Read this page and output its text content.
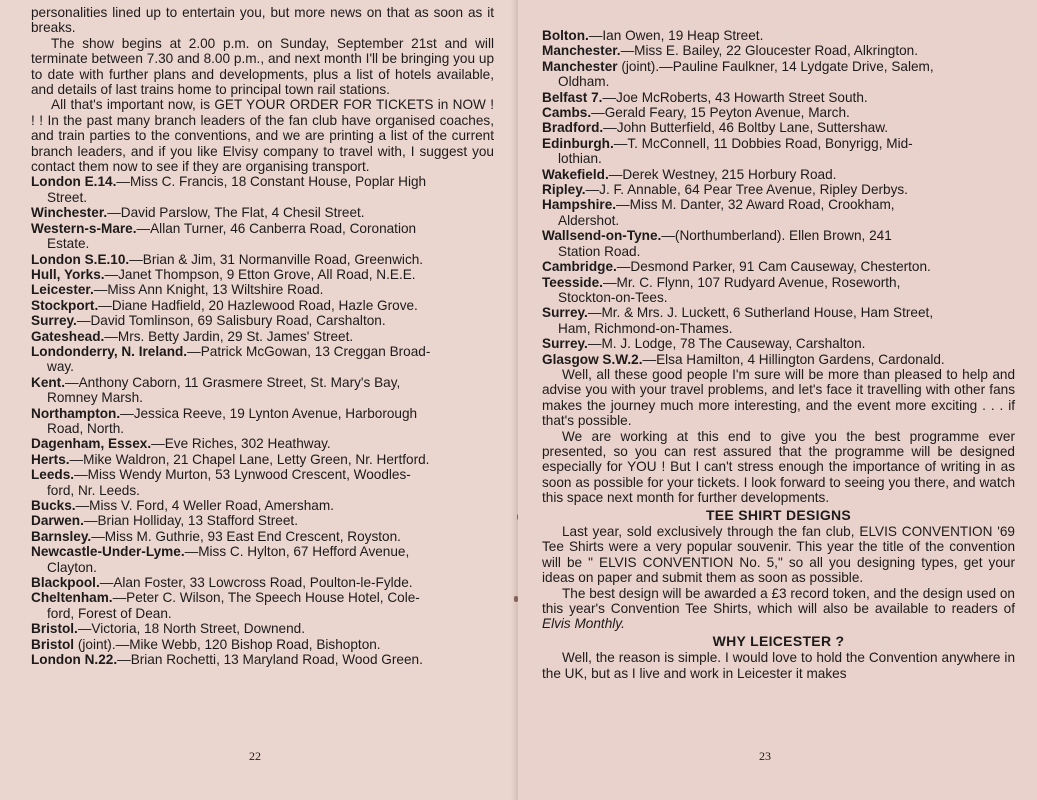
personalities lined up to entertain you, but more news on that as soon as it breaks.

The show begins at 2.00 p.m. on Sunday, September 21st and will terminate between 7.30 and 8.00 p.m., and next month I'll be bringing you up to date with further plans and developments, plus a list of hotels available, and details of last trains home to principal town rail stations.

All that's important now, is GET YOUR ORDER FOR TICKETS in NOW ! ! ! In the past many branch leaders of the fan club have organised coaches, and train parties to the conventions, and we are printing a list of the current branch leaders, and if you like Elvisy company to travel with, I suggest you contact them now to see if they are organising transport.

London E.14.—Miss C. Francis, 18 Constant House, Poplar High
Street.

Winchester.—David Parslow, The Flat, 4 Chesil Street.

Western-s-Mare.—Allan Turner, 46 Canberra Road, Coronation
Estate.

London S.E.10.—Brian & Jim, 31 Normanville Road, Greenwich.

Hull, Yorks.—Janet Thompson, 9 Etton Grove, All Road, N.E.E.

Leicester.—Miss Ann Knight, 13 Wiltshire Road.

Stockport.—Diane Hadfield, 20 Hazlewood Road, Hazle Grove.

Surrey.—David Tomlinson, 69 Salisbury Road, Carshalton.

Gateshead.—Mrs. Betty Jardin, 29 St. James' Street.

Londonderry, N. Ireland.—Patrick McGowan, 13 Creggan Broad-
way.

Kent.—Anthony Caborn, 11 Grasmere Street, St. Mary's Bay,
Romney Marsh.

Northampton.—Jessica Reeve, 19 Lynton Avenue, Harborough
Road, North.

Dagenham, Essex.—Eve Riches, 302 Heathway.

Herts.—Mike Waldron, 21 Chapel Lane, Letty Green, Nr. Hertford.

Leeds.—Miss Wendy Murton, 53 Lynwood Crescent, Woodles-
ford, Nr. Leeds.

Bucks.—Miss V. Ford, 4 Weller Road, Amersham.

Darwen.—Brian Holliday, 13 Stafford Street.

Barnsley.—Miss M. Guthrie, 93 East End Crescent, Royston.

Newcastle-Under-Lyme.—Miss C. Hylton, 67 Hefford Avenue,
Clayton.

Blackpool.—Alan Foster, 33 Lowcross Road, Poulton-le-Fylde.

Cheltenham.—Peter C. Wilson, The Speech House Hotel, Cole-
ford, Forest of Dean.

Bristol.—Victoria, 18 North Street, Downend.

Bristol (joint).—Mike Webb, 120 Bishop Road, Bishopton.

London N.22.—Brian Rochetti, 13 Maryland Road, Wood Green.

22

Bolton.—Ian Owen, 19 Heap Street.

Manchester.—Miss E. Bailey, 22 Gloucester Road, Alkrington.

Manchester (joint).—Pauline Faulkner, 14 Lydgate Drive, Salem,
Oldham.

Belfast 7.—Joe McRoberts, 43 Howarth Street South.

Cambs.—Gerald Feary, 15 Peyton Avenue, March.

Bradford.—John Butterfield, 46 Boltby Lane, Suttershaw.

Edinburgh.—T. McConnell, 11 Dobbies Road, Bonyrigg, Mid-
lothian.

Wakefield.—Derek Westney, 215 Horbury Road.

Ripley.—J. F. Annable, 64 Pear Tree Avenue, Ripley Derbys.

Hampshire.—Miss M. Danter, 32 Award Road, Crookham,
Aldershot.

Wallsend-on-Tyne.—(Northumberland). Ellen Brown, 241
Station Road.

Cambridge.—Desmond Parker, 91 Cam Causeway, Chesterton.

Teesside.—Mr. C. Flynn, 107 Rudyard Avenue, Roseworth,
Stockton-on-Tees.

Surrey.—Mr. & Mrs. J. Luckett, 6 Sutherland House, Ham Street,
Ham, Richmond-on-Thames.

Surrey.—M. J. Lodge, 78 The Causeway, Carshalton.

Glasgow S.W.2.—Elsa Hamilton, 4 Hillington Gardens, Cardonald.

Well, all these good people I'm sure will be more than pleased to help and advise you with your travel problems, and let's face it travelling with other fans makes the journey much more interesting, and the event more exciting . . . if that's possible.

We are working at this end to give you the best programme ever presented, so you can rest assured that the programme will be designed especially for YOU ! But I can't stress enough the importance of writing in as soon as possible for your tickets. I look forward to seeing you there, and watch this space next month for further developments.

TEE SHIRT DESIGNS

Last year, sold exclusively through the fan club, ELVIS CONVENTION '69 Tee Shirts were a very popular souvenir. This year the title of the convention will be " ELVIS CONVENTION No. 5," so all you designing types, get your ideas on paper and submit them as soon as possible.

The best design will be awarded a £3 record token, and the design used on this year's Convention Tee Shirts, which will also be available to readers of Elvis Monthly.

WHY LEICESTER ?

Well, the reason is simple. I would love to hold the Convention anywhere in the UK, but as I live and work in Leicester it makes

23
